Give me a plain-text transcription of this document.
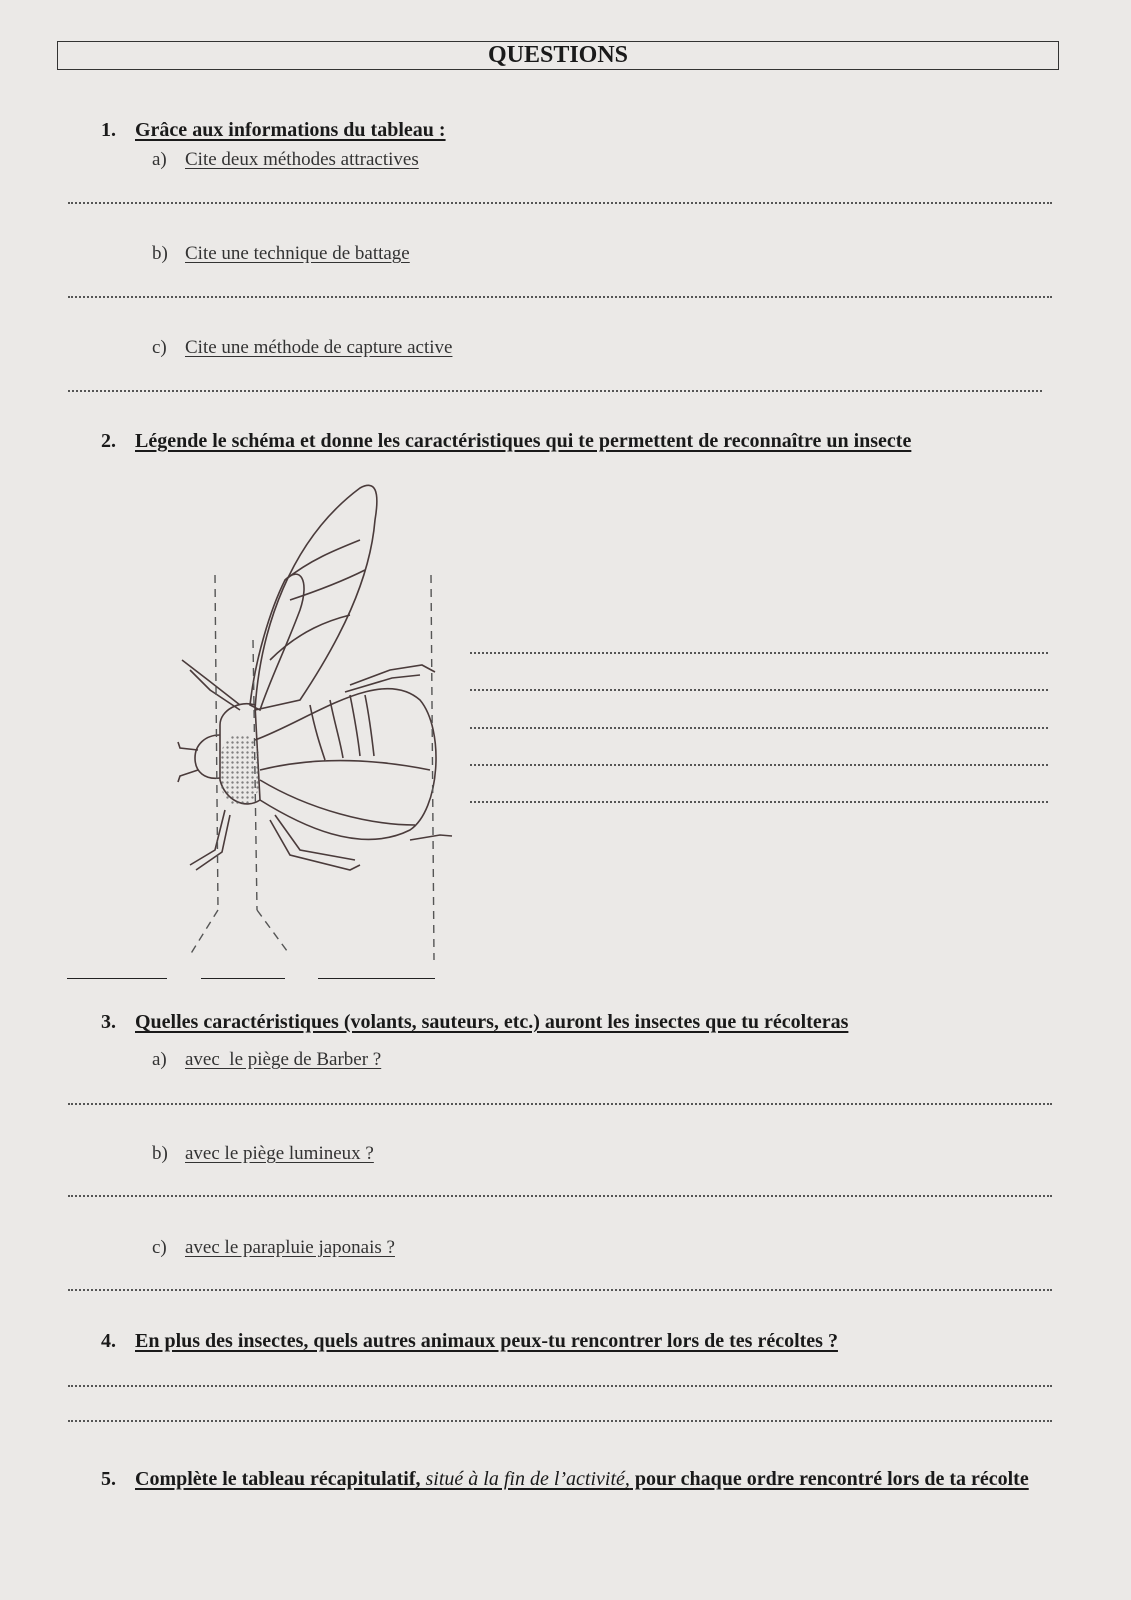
QUESTIONS
1. Grâce aux informations du tableau :
a) Cite deux méthodes attractives
b) Cite une technique de battage
c) Cite une méthode de capture active
2. Légende le schéma et donne les caractéristiques qui te permettent de reconnaître un insecte
3. Quelles caractéristiques (volants, sauteurs, etc.) auront les insectes que tu récolteras
a) avec  le piège de Barber ?
b) avec le piège lumineux ?
c) avec le parapluie japonais ?
4. En plus des insectes, quels autres animaux peux-tu rencontrer lors de tes récoltes ?
5. Complète le tableau récapitulatif, situé à la fin de l’activité, pour chaque ordre rencontré lors de ta récolte
